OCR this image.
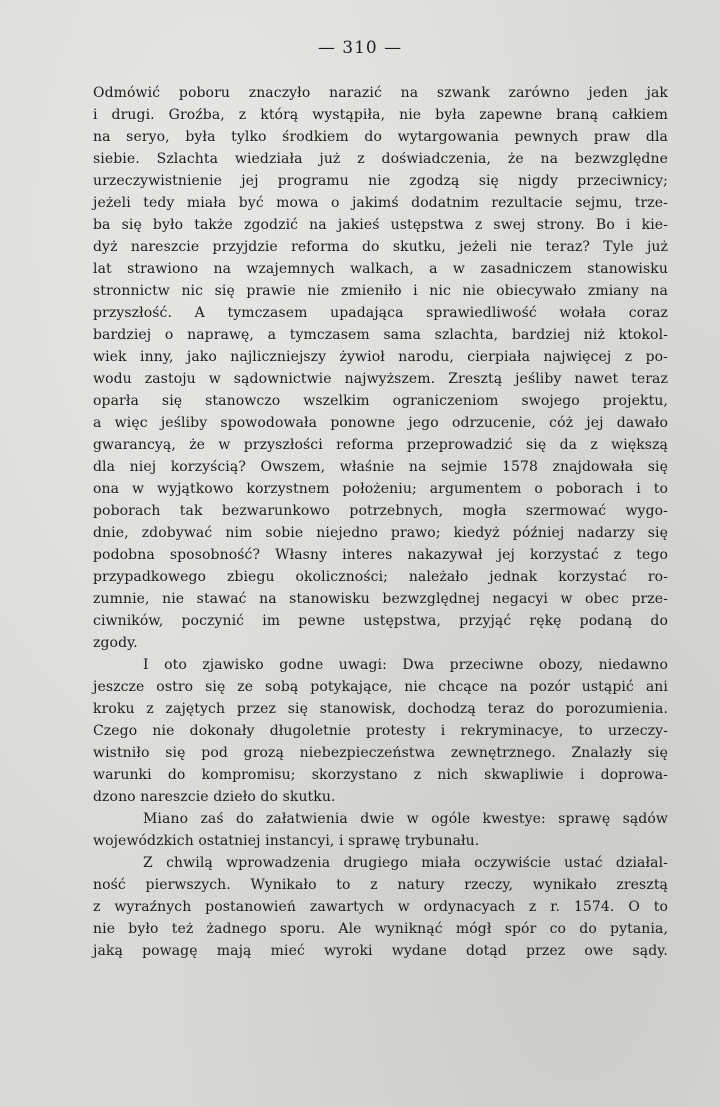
— 310 —
Odmówić poboru znaczyło narazić na szwank zarówno jeden jak
i drugi. Groźba, z którą wystąpiła, nie była zapewne braną całkiem
na seryo, była tylko środkiem do wytargowania pewnych praw dla
siebie. Szlachta wiedziała już z doświadczenia, że na bezwzględne
urzeczywistnienie jej programu nie zgodzą się nigdy przeciwnicy;
jeżeli tedy miała być mowa o jakimś dodatnim rezultacie sejmu, trze-
ba się było także zgodzić na jakieś ustępstwa z swej strony. Bo i kie-
dyż nareszcie przyjdzie reforma do skutku, jeżeli nie teraz? Tyle już
lat strawiono na wzajemnych walkach, a w zasadniczem stanowisku
stronnictw nic się prawie nie zmieniło i nic nie obiecywało zmiany na
przyszłość. A tymczasem upadająca sprawiedliwość wołała coraz
bardziej o naprawę, a tymczasem sama szlachta, bardziej niż ktokol-
wiek inny, jako najliczniejszy żywioł narodu, cierpiała najwięcej z po-
wodu zastoju w sądownictwie najwyższem. Zresztą jeśliby nawet teraz
oparła się stanowczo wszelkim ograniczeniom swojego projektu,
a więc jeśliby spowodowała ponowne jego odrzucenie, cóż jej dawało
gwarancyą, że w przyszłości reforma przeprowadzić się da z większą
dla niej korzyścią? Owszem, właśnie na sejmie 1578 znajdowała się
ona w wyjątkowo korzystnem położeniu; argumentem o poborach i to
poborach tak bezwarunkowo potrzebnych, mogła szermować wygo-
dnie, zdobywać nim sobie niejedno prawo; kiedyż później nadarzy się
podobna sposobność? Własny interes nakazywał jej korzystać z tego
przypadkowego zbiegu okoliczności; należało jednak korzystać ro-
zumnie, nie stawać na stanowisku bezwzględnej negacyi w obec prze-
ciwników, poczynić im pewne ustępstwa, przyjąć rękę podaną do
zgody.
I oto zjawisko godne uwagi: Dwa przeciwne obozy, niedawno
jeszcze ostro się ze sobą potykające, nie chcące na pozór ustąpić ani
kroku z zajętych przez się stanowisk, dochodzą teraz do porozumienia.
Czego nie dokonały długoletnie protesty i rekryminacye, to urzeczy-
wistniło się pod grozą niebezpieczeństwa zewnętrznego. Znalazły się
warunki do kompromisu; skorzystano z nich skwapliwie i doprowa-
dzono nareszcie dzieło do skutku.
Miano zaś do załatwienia dwie w ogóle kwestye: sprawę sądów
wojewódzkich ostatniej instancyi, i sprawę trybunału.
Z chwilą wprowadzenia drugiego miała oczywiście ustać działal-
ność pierwszych. Wynikało to z natury rzeczy, wynikało zresztą
z wyraźnych postanowień zawartych w ordynacyach z r. 1574. O to
nie było też żadnego sporu. Ale wyniknąć mógł spór co do pytania,
jaką powagę mają mieć wyroki wydane dotąd przez owe sądy.
